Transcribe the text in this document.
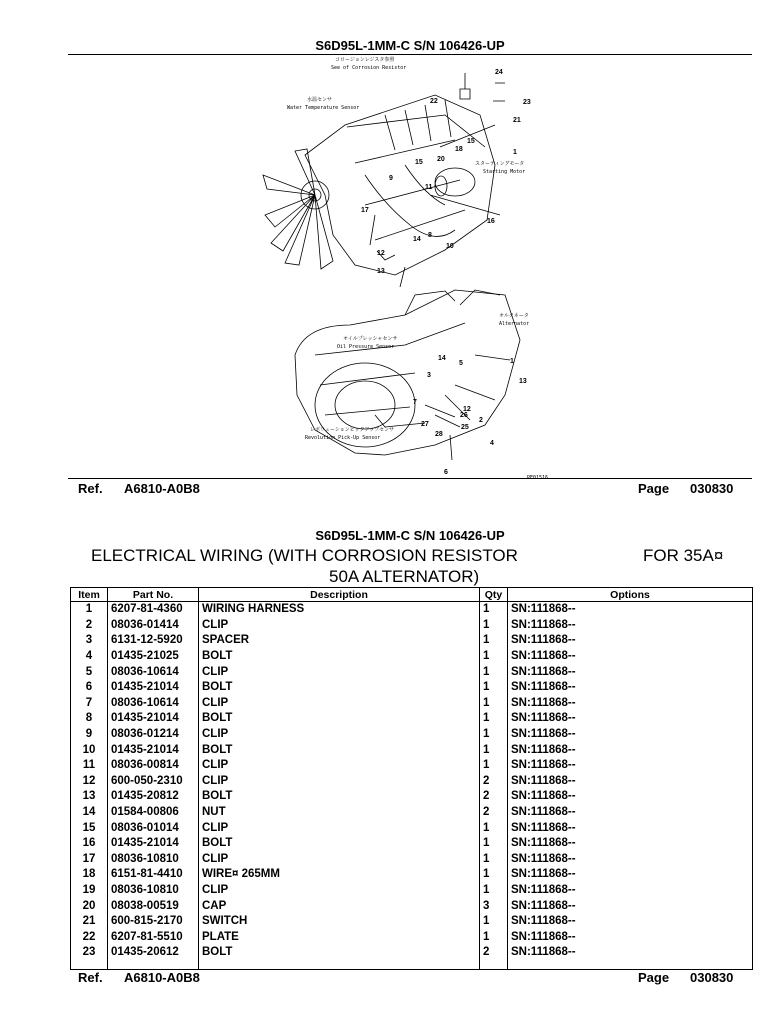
S6D95L-1MM-C S/N 106426-UP
コロージョンレジスタ参照
See of Corrosion Resistor
水温センサ
Water Temperature Sensor
スターティングモータ
Starting Motor
オルタネータ
Alternator
オイルプレッシャセンサ
Oil Pressure Sensor
レボリューションピックアップセンサ
Revolution Pick-Up Sensor
PE01516
24
22	23
21
1
15
18
20
15
11
9
17
16
10
14
8
12
13
1
14
5
3
13
7
12
26
2
27	25
28
4
6
Ref. A6810-A0B8	Page 030830
S6D95L-1MM-C S/N 106426-UP
ELECTRICAL WIRING (WITH CORROSION RESISTOR	FOR 35A¤
50A ALTERNATOR)
Item	Part No.	Description	Qty	Options
1	6207-81-4360	WIRING HARNESS	1	SN:111868--
2	08036-01414	CLIP	1	SN:111868--
3	6131-12-5920	SPACER	1	SN:111868--
4	01435-21025	BOLT	1	SN:111868--
5	08036-10614	CLIP	1	SN:111868--
6	01435-21014	BOLT	1	SN:111868--
7	08036-10614	CLIP	1	SN:111868--
8	01435-21014	BOLT	1	SN:111868--
9	08036-01214	CLIP	1	SN:111868--
10	01435-21014	BOLT	1	SN:111868--
11	08036-00814	CLIP	1	SN:111868--
12	600-050-2310	CLIP	2	SN:111868--
13	01435-20812	BOLT	2	SN:111868--
14	01584-00806	NUT	2	SN:111868--
15	08036-01014	CLIP	1	SN:111868--
16	01435-21014	BOLT	1	SN:111868--
17	08036-10810	CLIP	1	SN:111868--
18	6151-81-4410	WIRE¤ 265MM	1	SN:111868--
19	08036-10810	CLIP	1	SN:111868--
20	08038-00519	CAP	3	SN:111868--
21	600-815-2170	SWITCH	1	SN:111868--
22	6207-81-5510	PLATE	1	SN:111868--
23	01435-20612	BOLT	2	SN:111868--
Ref. A6810-A0B8	Page 030830
